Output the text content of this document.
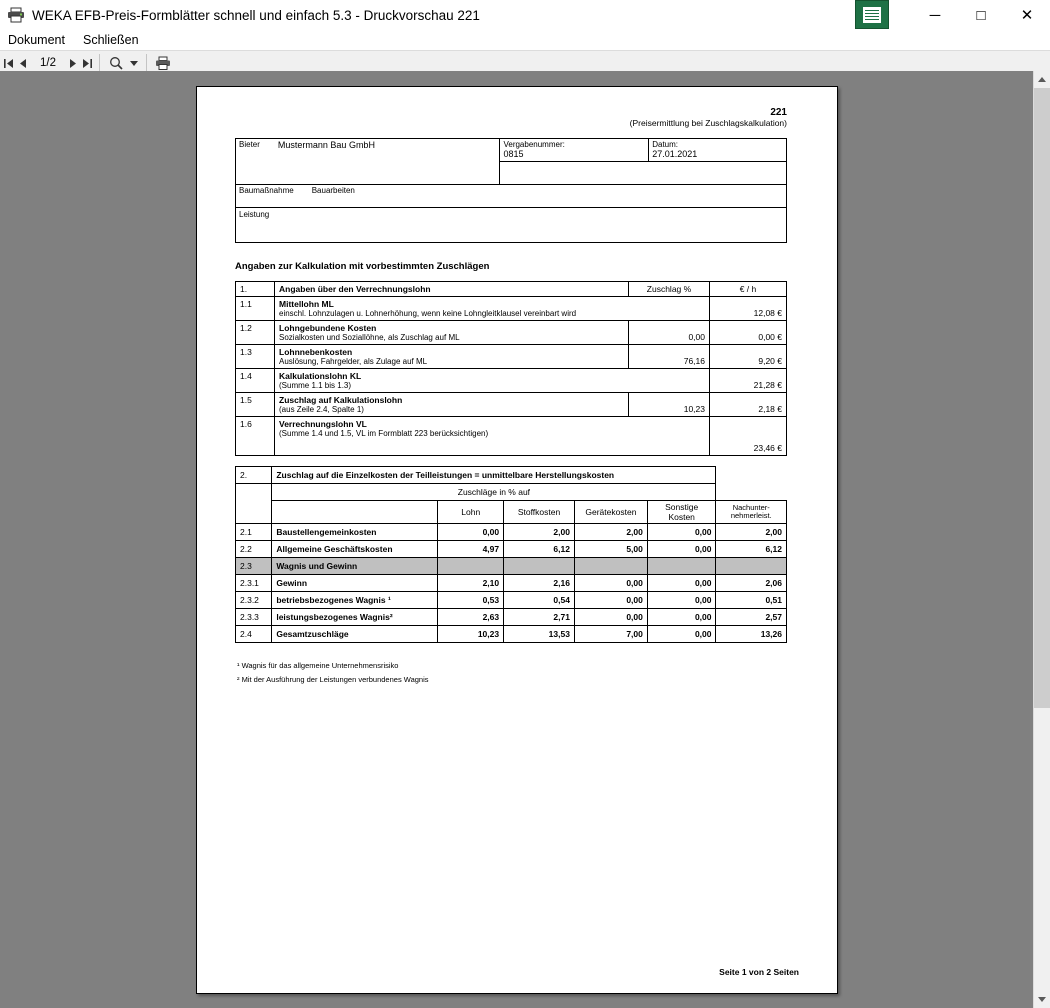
WEKA EFB-Preis-Formblätter schnell und einfach 5.3 - Druckvorschau 221	─	□	✕
Dokument Schließen
1/2
221
(Preisermittlung bei Zuschlagskalkulation)
Bieter Mustermann Bau GmbH	Vergabenummer:
0815

Datum:
27.01.2021

Baumaßnahme Bauarbeiten

Leistung
Angaben zur Kalkulation mit vorbestimmten Zuschlägen
1.	Angaben über den Verrechnungslohn	Zuschlag %	€ / h
1.1	Mittellohn ML
einschl. Lohnzulagen u. Lohnerhöhung, wenn keine Lohngleitklausel vereinbart wird		12,08 €
1.2	Lohngebundene Kosten
Sozialkosten und Soziallöhne, als Zuschlag auf ML	0,00	0,00 €
1.3	Lohnnebenkosten
Auslösung, Fahrgelder, als Zulage auf ML	76,16	9,20 €
1.4	Kalkulationslohn KL
(Summe 1.1 bis 1.3)		21,28 €
1.5	Zuschlag auf Kalkulationslohn
(aus Zeile 2.4, Spalte 1)	10,23	2,18 €
1.6	Verrechnungslohn VL
(Summe 1.4 und 1.5, VL im Formblatt 223 berücksichtigen)		23,46 €
2.	Zuschlag auf die Einzelkosten der Teilleistungen = unmittelbare Herstellungskosten					
	Zuschläge in % auf					
		Lohn	Stoffkosten	Gerätekosten	Sonstige Kosten	Nachunter-nehmerleist.
2.1	Baustellengemeinkosten	0,00	2,00	2,00	0,00	2,00
2.2	Allgemeine Geschäftskosten	4,97	6,12	5,00	0,00	6,12
2.3	Wagnis und Gewinn					
2.3.1	Gewinn	2,10	2,16	0,00	0,00	2,06
2.3.2	betriebsbezogenes Wagnis ¹	0,53	0,54	0,00	0,00	0,51
2.3.3	leistungsbezogenes Wagnis²	2,63	2,71	0,00	0,00	2,57
2.4	Gesamtzuschläge	10,23	13,53	7,00	0,00	13,26
¹ Wagnis für das allgemeine Unternehmensrisiko
² Mit der Ausführung der Leistungen verbundenes Wagnis
Seite 1 von 2 Seiten
